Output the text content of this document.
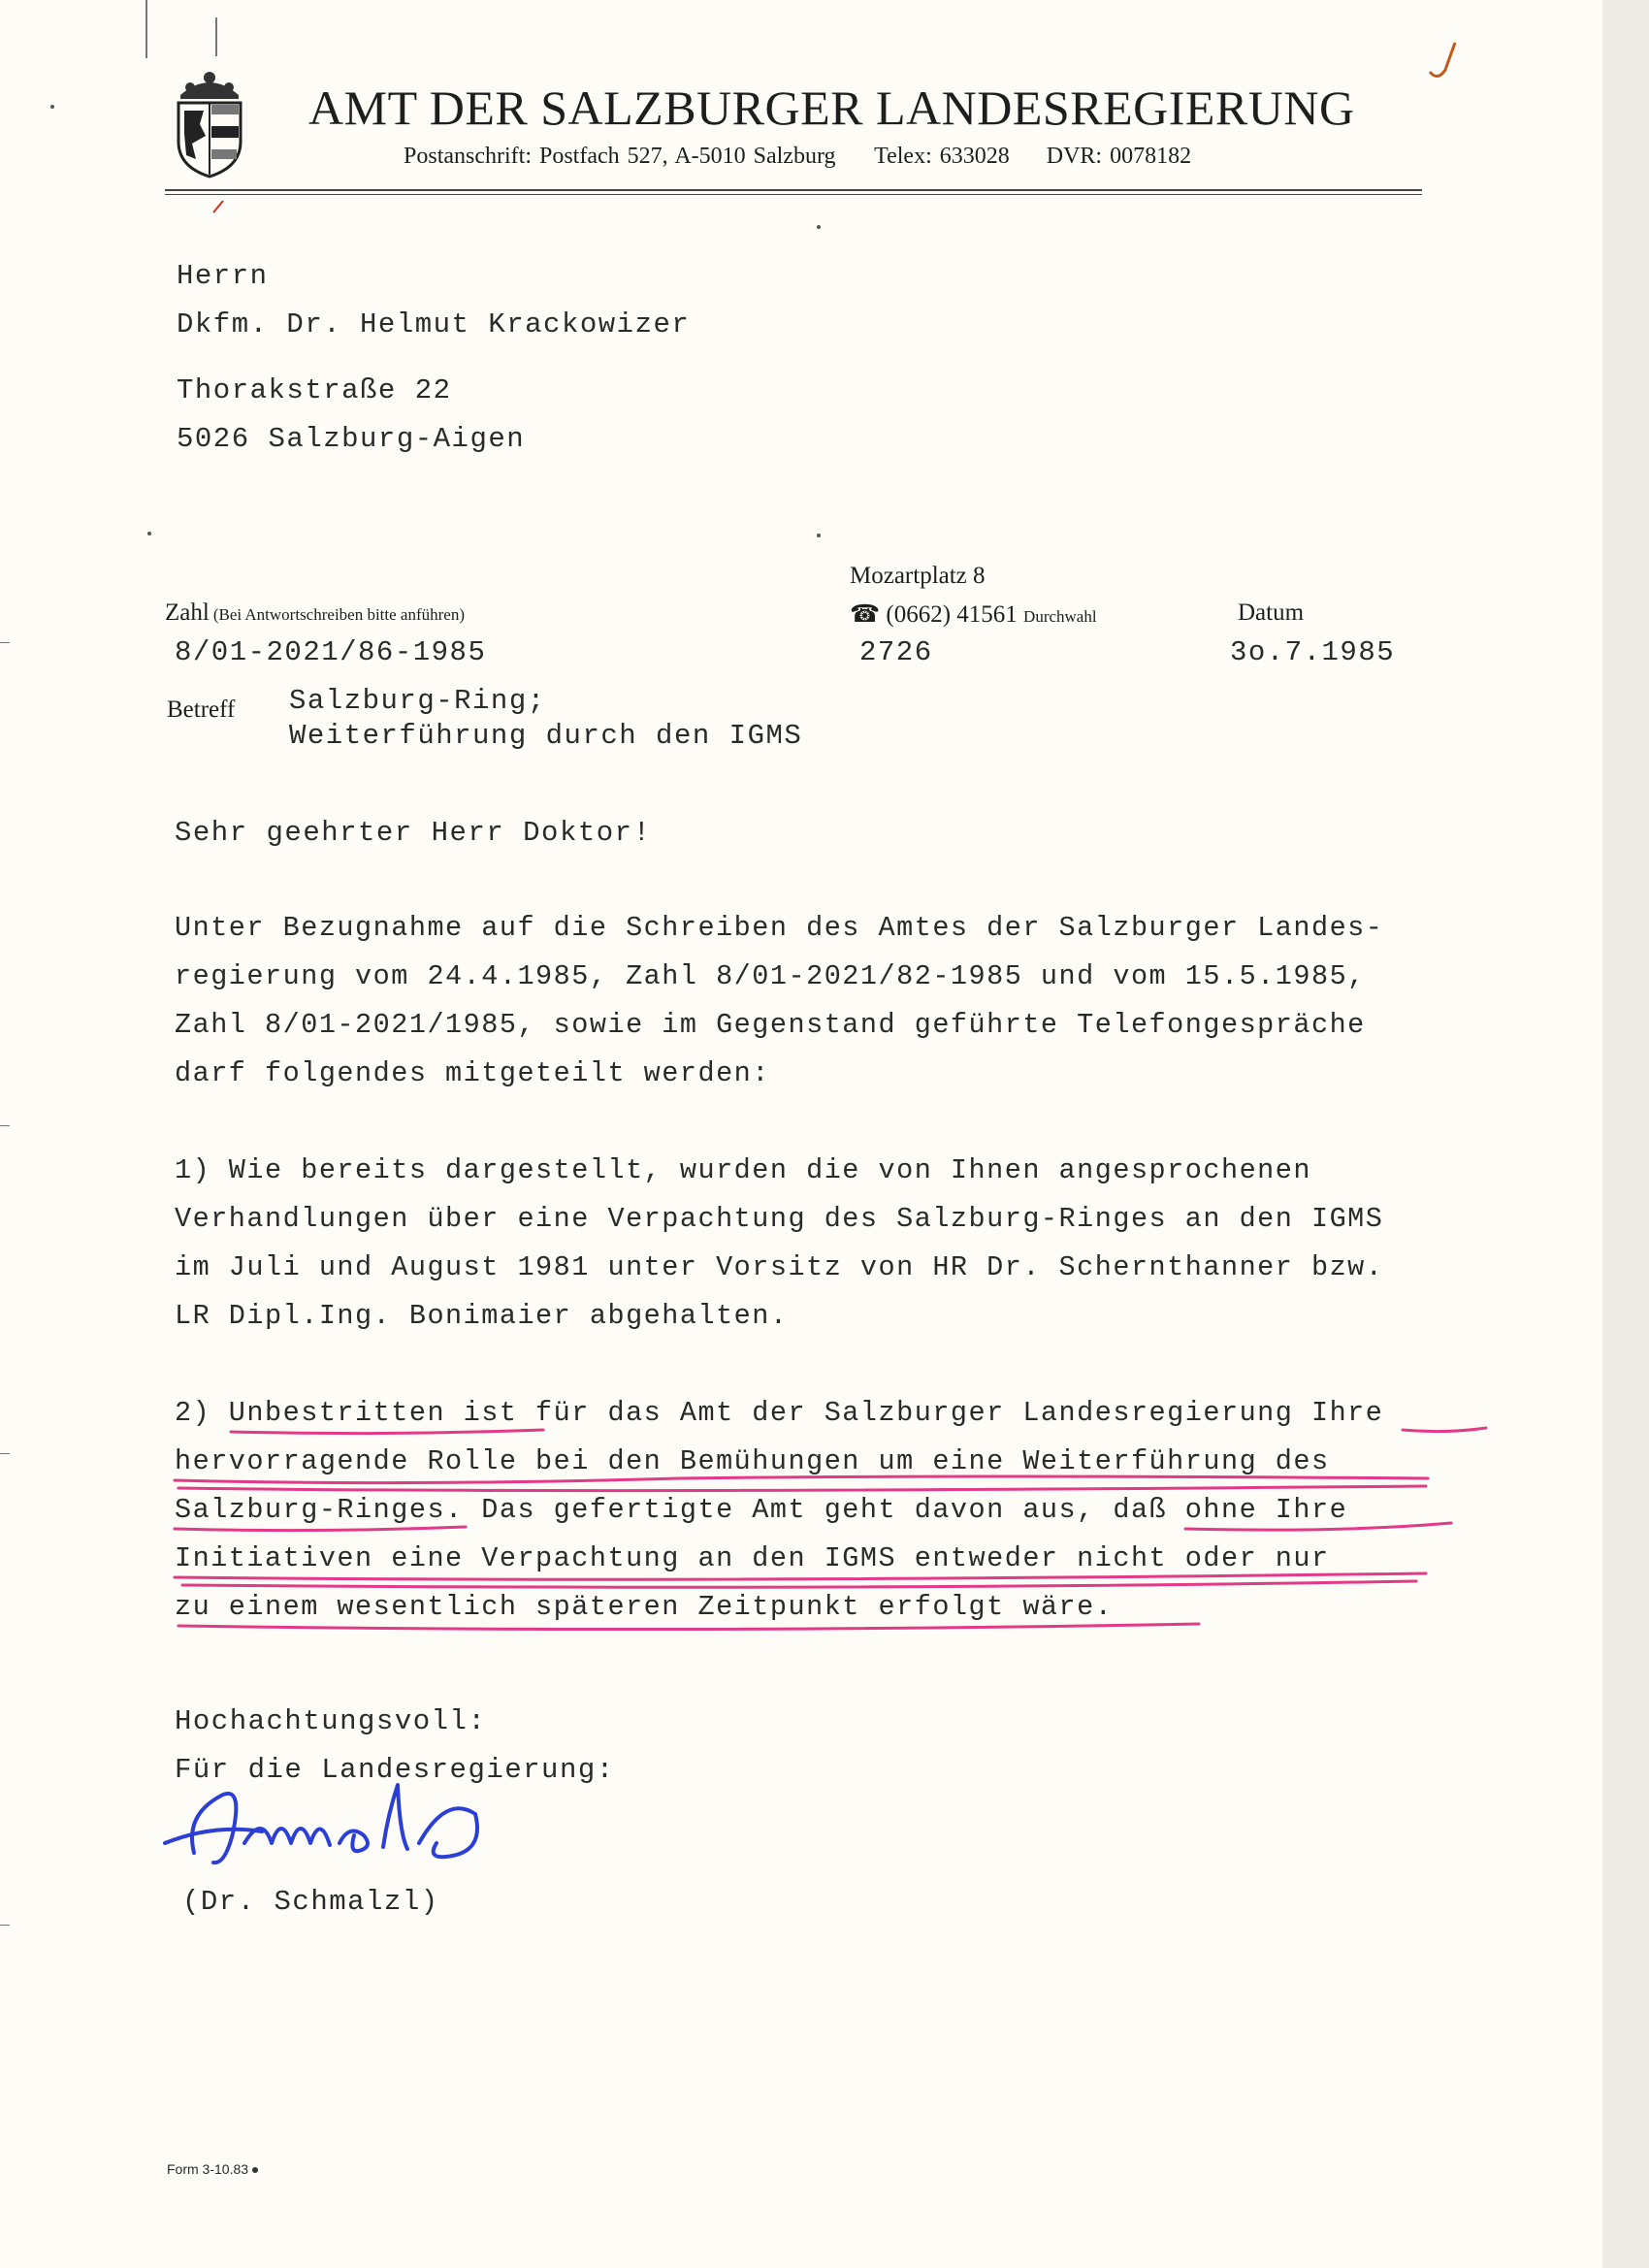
AMT DER SALZBURGER LANDESREGIERUNG
Postanschrift: Postfach 527, A-5010 Salzburg Telex: 633028 DVR: 0078182
Herrn
Dkfm. Dr. Helmut Krackowizer
Thorakstraße 22
5026 Salzburg-Aigen
Mozartplatz 8
☎ (0662) 41561 Durchwahl
2726
Zahl (Bei Antwortschreiben bitte anführen)
8/01-2021/86-1985
Datum
3o.7.1985
Betreff Salzburg-Ring;
Weiterführung durch den IGMS
Sehr geehrter Herr Doktor!
Unter Bezugnahme auf die Schreiben des Amtes der Salzburger Landes-
regierung vom 24.4.1985, Zahl 8/01-2021/82-1985 und vom 15.5.1985,
Zahl 8/01-2021/1985, sowie im Gegenstand geführte Telefongespräche
darf folgendes mitgeteilt werden:
1) Wie bereits dargestellt, wurden die von Ihnen angesprochenen
Verhandlungen über eine Verpachtung des Salzburg-Ringes an den IGMS
im Juli und August 1981 unter Vorsitz von HR Dr. Schernthanner bzw.
LR Dipl.Ing. Bonimaier abgehalten.
2) Unbestritten ist für das Amt der Salzburger Landesregierung Ihre
hervorragende Rolle bei den Bemühungen um eine Weiterführung des
Salzburg-Ringes. Das gefertigte Amt geht davon aus, daß ohne Ihre
Initiativen eine Verpachtung an den IGMS entweder nicht oder nur
zu einem wesentlich späteren Zeitpunkt erfolgt wäre.
Hochachtungsvoll:
Für die Landesregierung:
(Dr. Schmalzl)
Form 3-10.83
